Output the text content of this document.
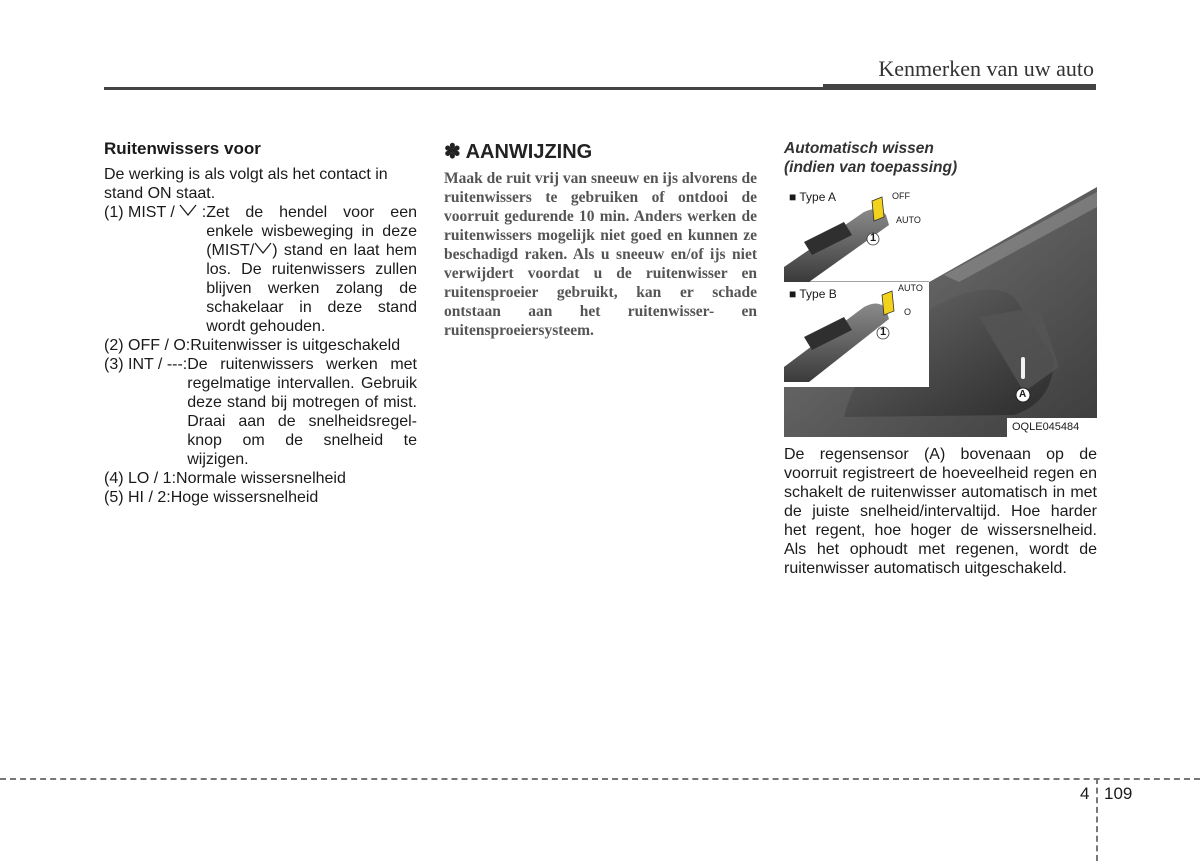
Kenmerken van uw auto
Ruitenwissers voor

De werking is als volgt als het contact in stand ON staat.

(1) MIST /  : Zet de hendel voor een enkele wisbeweging in deze (MIST/ ) stand en laat hem los. De ruitenwissers zullen blijven werken zolang de schakelaar in deze stand wordt gehouden.
(2) OFF / O: Ruitenwisser is uitgeschakeld
(3) INT / ---: De ruitenwissers werken met regelmatige intervallen. Gebruik deze stand bij motregen of mist. Draai aan de snelheidsregel-knop om de snelheid te wijzigen.
(4) LO / 1: Normale wissersnelheid
(5) HI / 2: Hoge wissersnelheid
✽ AANWIJZING

Maak de ruit vrij van sneeuw en ijs alvorens de ruitenwissers te gebruiken of ontdooi de voorruit gedurende 10 min. Anders werken de ruitenwissers mogelijk niet goed en kunnen ze beschadigd raken. Als u sneeuw en/of ijs niet verwijdert voordat u de ruitenwisser en ruitensproeier gebruikt, kan er schade ontstaan aan het ruitenwisser- en ruitensproeiersysteem.

Automatisch wissen

(indien van toepassing)

■ Type A	OFF
AUTO
1
■ Type B	AUTO
O
1
A
OQLE045484
De regensensor (A) bovenaan op de voorruit registreert de hoeveelheid regen en schakelt de ruitenwisser automatisch in met de juiste snelheid/intervaltijd. Hoe harder het regent, hoe hoger de wissersnelheid. Als het ophoudt met regenen, wordt de ruitenwisser automatisch uitgeschakeld.
4 109
